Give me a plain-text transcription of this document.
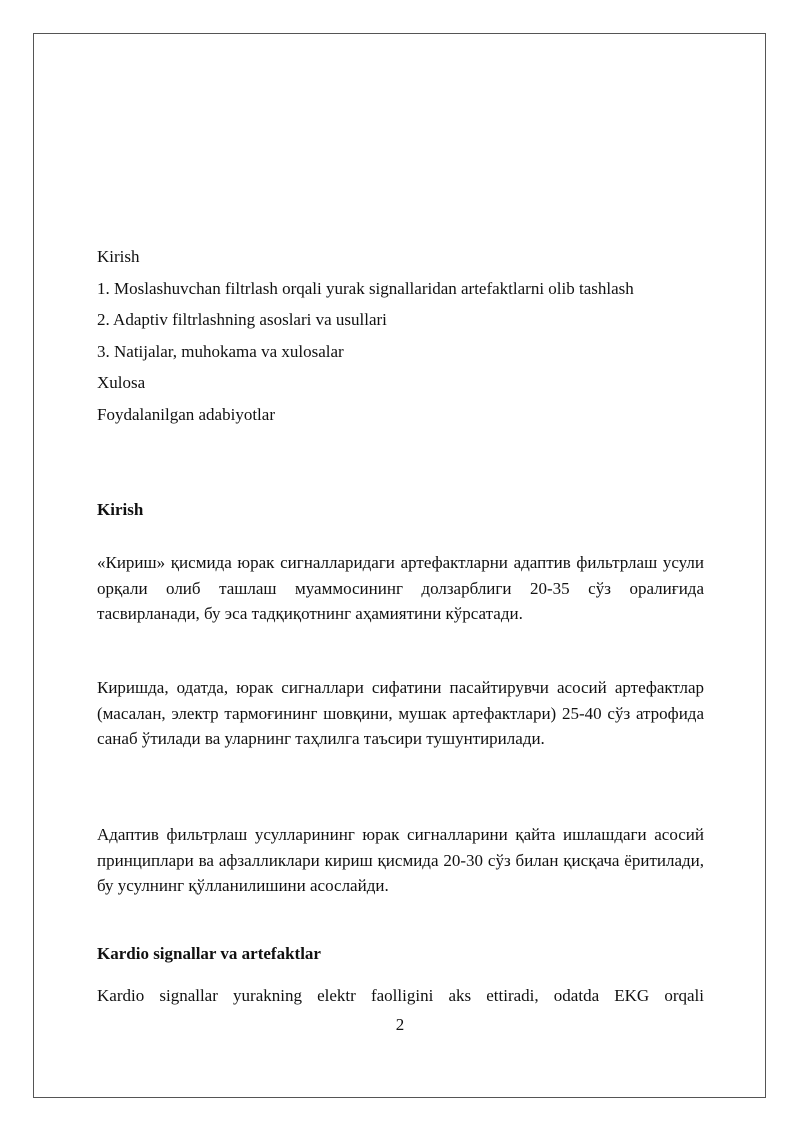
Kirish
1. Moslashuvchan filtrlash orqali yurak signallaridan artefaktlarni olib tashlash
2. Adaptiv filtrlashning asoslari va usullari
3. Natijalar, muhokama va xulosalar
Xulosa
Foydalanilgan adabiyotlar
Kirish
«Кириш» қисмида юрак сигналларидаги артефактларни адаптив фильтрлаш усули орқали олиб ташлаш муаммосининг долзарблиги 20-35 сўз оралиғида тасвирланади, бу эса тадқиқотнинг аҳамиятини кўрсатади.
Киришда, одатда, юрак сигналлари сифатини пасайтирувчи асосий артефактлар (масалан, электр тармоғининг шовқини, мушак артефактлари) 25-40 сўз атрофида санаб ўтилади ва уларнинг таҳлилга таъсири тушунтирилади.
Адаптив фильтрлаш усулларининг юрак сигналларини қайта ишлашдаги асосий принциплари ва афзалликлари кириш қисмида 20-30 сўз билан қисқача ёритилади, бу усулнинг қўлланилишини асослайди.
Kardio signallar va artefaktlar
Kardio signallar yurakning elektr faolligini aks ettiradi, odatda EKG orqali
2
